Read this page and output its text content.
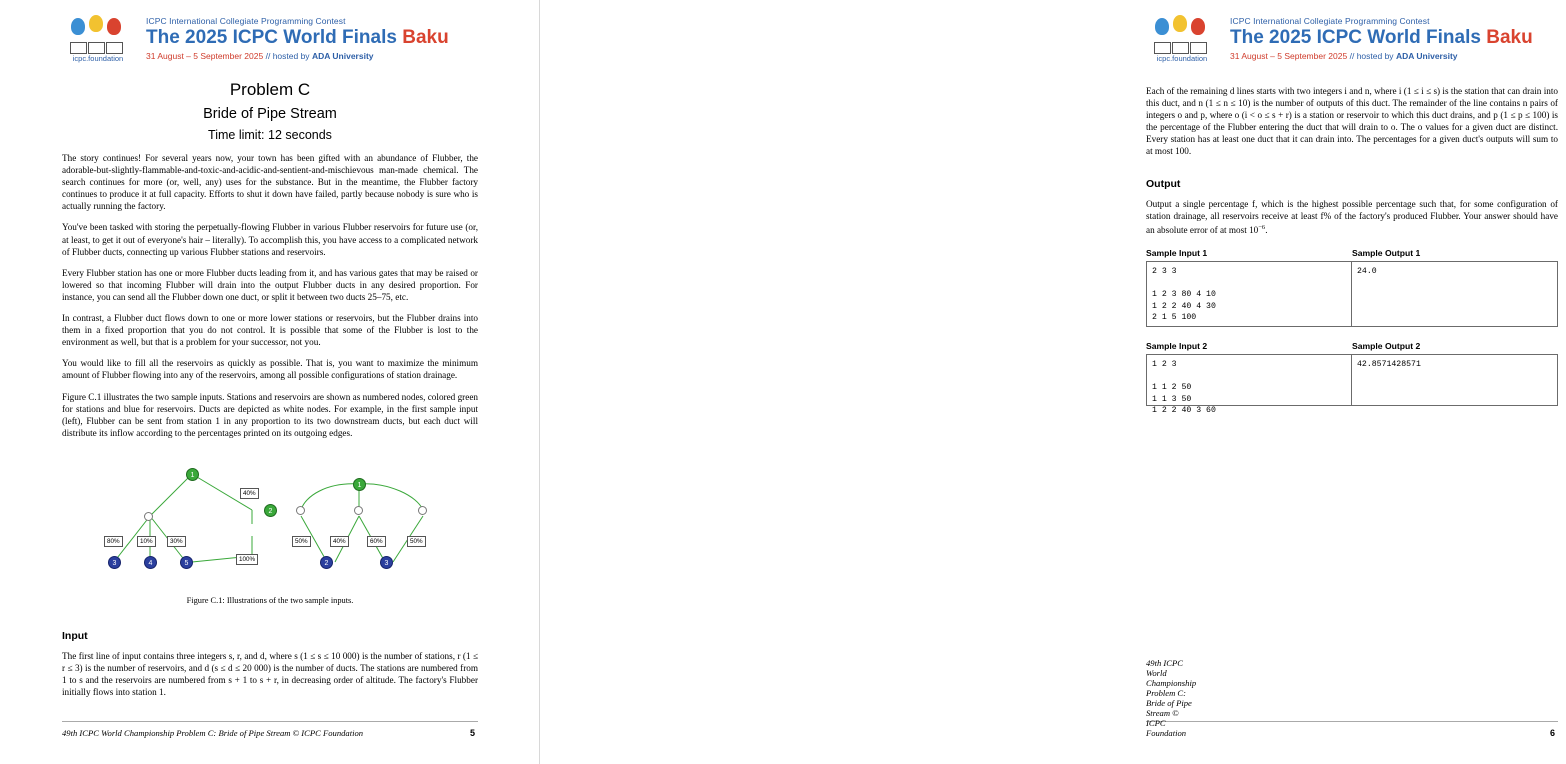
icpc.foundation
ICPC International Collegiate Programming Contest
The 2025 ICPC World Finals Baku
31 August – 5 September 2025 // hosted by ADA University
Problem C
Bride of Pipe Stream
Time limit: 12 seconds

The story continues! For several years now, your town has been gifted with an abundance of Flubber, the adorable-but-slightly-flammable-and-toxic-and-acidic-and-sentient-and-mischievous man-made chemical. The search continues for more (or, well, any) uses for the substance. But in the meantime, the Flubber factory continues to produce it at full capacity. Efforts to shut it down have failed, partly because nobody is sure who is actually running the factory.

You've been tasked with storing the perpetually-flowing Flubber in various Flubber reservoirs for future use (or, at least, to get it out of everyone's hair – literally). To accomplish this, you have access to a complicated network of Flubber ducts, connecting up various Flubber stations and reservoirs.

Every Flubber station has one or more Flubber ducts leading from it, and has various gates that may be raised or lowered so that incoming Flubber will drain into the output Flubber ducts in any desired proportion. For instance, you can send all the Flubber down one duct, or split it between two ducts 25–75, etc.

In contrast, a Flubber duct flows down to one or more lower stations or reservoirs, but the Flubber drains into them in a fixed proportion that you do not control. It is possible that some of the Flubber is lost to the environment as well, but that is a problem for your successor, not you.

You would like to fill all the reservoirs as quickly as possible. That is, you want to maximize the minimum amount of Flubber flowing into any of the reservoirs, among all possible configurations of station drainage.

Figure C.1 illustrates the two sample inputs. Stations and reservoirs are shown as numbered nodes, colored green for stations and blue for reservoirs. Ducts are depicted as white nodes. For example, in the first sample input (left), Flubber can be sent from station 1 in any proportion to its two downstream ducts, but each duct will distribute its inflow according to the percentages printed on its outgoing edges.

1
2
3	4	5
40%
80%	10%	30%
100%
1
2	3
50%	40%	60%	50%
Figure C.1: Illustrations of the two sample inputs.
Input

The first line of input contains three integers s, r, and d, where s (1 ≤ s ≤ 10 000) is the number of stations, r (1 ≤ r ≤ 3) is the number of reservoirs, and d (s ≤ d ≤ 20 000) is the number of ducts. The stations are numbered from 1 to s and the reservoirs are numbered from s + 1 to s + r, in decreasing order of altitude. The factory's Flubber initially flows into station 1.

49th ICPC World Championship Problem C: Bride of Pipe Stream © ICPC Foundation	5
icpc.foundation
ICPC International Collegiate Programming Contest
The 2025 ICPC World Finals Baku
31 August – 5 September 2025 // hosted by ADA University

Each of the remaining d lines starts with two integers i and n, where i (1 ≤ i ≤ s) is the station that can drain into this duct, and n (1 ≤ n ≤ 10) is the number of outputs of this duct. The remainder of the line contains n pairs of integers o and p, where o (i < o ≤ s + r) is a station or reservoir to which this duct drains, and p (1 ≤ p ≤ 100) is the percentage of the Flubber entering the duct that will drain to o. The o values for a given duct are distinct. Every station has at least one duct that it can drain into. The percentages for a given duct's outputs will sum to at most 100.

Output

Output a single percentage f, which is the highest possible percentage such that, for some configuration of station drainage, all reservoirs receive at least f% of the factory's produced Flubber. Your answer should have an absolute error of at most $10^{-6}$.

Sample Input 1	Sample Output 1
2 3 3

1 2 3 80 4 10
1 2 2 40 4 30
2 1 5 100
24.0
Sample Input 2	Sample Output 2
1 2 3

1 1 2 50
1 1 3 50
1 2 2 40 3 60
42.8571428571
49th ICPC World Championship Problem C: Bride of Pipe Stream © ICPC Foundation	6
